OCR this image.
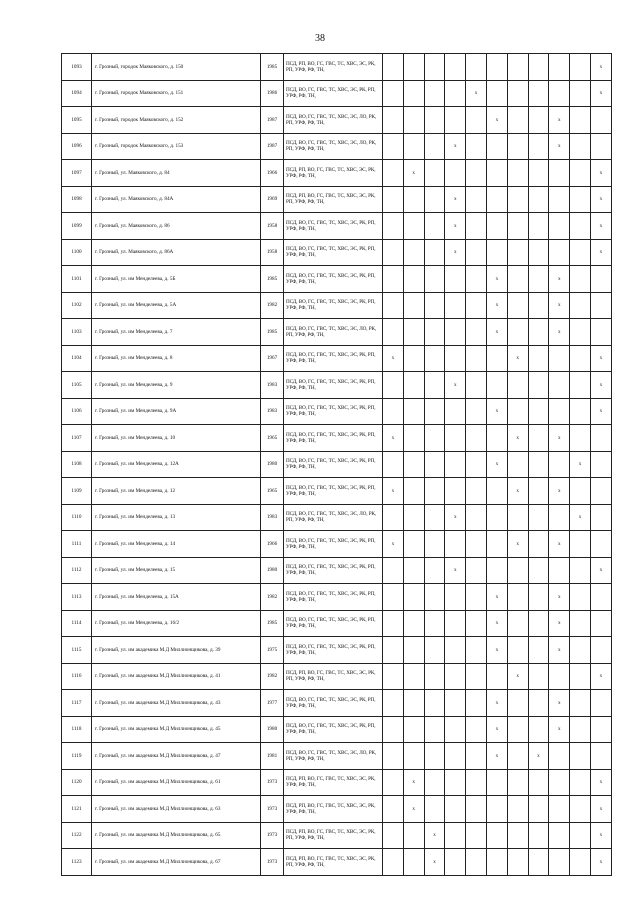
38
1093	г. Грозный, городок Маяковского, д. 150	1985	ПСД, РП, ВО, ГС, ГВС, ТС, ХВС, ЭС, РК, РП, УРФ, РФ, ТН,											x
1094	г. Грозный, городок Маяковского, д. 151	1986	ПСД, ВО, ГС, ГВС, ТС, ХВС, ЭС, РК, РП, УРФ, РФ, ТН,					x						x
1095	г. Грозный, городок Маяковского, д. 152	1987	ПСД, ВО, ГС, ГВС, ТС, ХВС, ЭС, ЛО, РК, РП, УРФ, РФ, ТН,						x			x		
1096	г. Грозный, городок Маяковского, д. 153	1987	ПСД, ВО, ГС, ГВС, ТС, ХВС, ЭС, ЛО, РК, РП, УРФ, РФ, ТН,				x					x		
1097	г. Грозный, ул. Маяковского, д. 84	1966	ПСД, РП, ВО, ГС, ГВС, ТС, ХВС, ЭС, РК, УРФ, РФ, ТН,		x									x
1098	г. Грозный, ул. Маяковского, д. 84А	1969	ПСД, РП, ВО, ГС, ГВС, ТС, ХВС, ЭС, РК, РП, УРФ, РФ, ТН,				x							x
1099	г. Грозный, ул. Маяковского, д. 86	1958	ПСД, ВО, ГС, ГВС, ТС, ХВС, ЭС, РК, РП, УРФ, РФ, ТН,				x							x
1100	г. Грозный, ул. Маяковского, д. 86А	1958	ПСД, ВО, ГС, ГВС, ТС, ХВС, ЭС, РК, РП, УРФ, РФ, ТН,				x							x
1101	г. Грозный, ул. им Менделеева, д. 5Б	1985	ПСД, ВО, ГС, ГВС, ТС, ХВС, ЭС, РК, РП, УРФ, РФ, ТН,						x			x		
1102	г. Грозный, ул. им Менделеева, д. 5А	1982	ПСД, ВО, ГС, ГВС, ТС, ХВС, ЭС, РК, РП, УРФ, РФ, ТН,						x			x		
1103	г. Грозный, ул. им Менделеева, д. 7	1985	ПСД, ВО, ГС, ГВС, ТС, ХВС, ЭС, ЛО, РК, РП, УРФ, РФ, ТН,						x			x		
1104	г. Грозный, ул. им Менделеева, д. 8	1967	ПСД, ВО, ГС, ГВС, ТС, ХВС, ЭС, РК, РП, УРФ, РФ, ТН,	x						x				x
1105	г. Грозный, ул. им Менделеева, д. 9	1983	ПСД, ВО, ГС, ГВС, ТС, ХВС, ЭС, РК, РП, УРФ, РФ, ТН,				x							x
1106	г. Грозный, ул. им Менделеева, д. 9А	1983	ПСД, ВО, ГС, ГВС, ТС, ХВС, ЭС, РК, РП, УРФ, РФ, ТН,						x					x
1107	г. Грозный, ул. им Менделеева, д. 10	1965	ПСД, ВО, ГС, ГВС, ТС, ХВС, ЭС, РК, РП, УРФ, РФ, ТН,	x						x		x		
1108	г. Грозный, ул. им Менделеева, д. 12А	1980	ПСД, ВО, ГС, ГВС, ТС, ХВС, ЭС, РК, РП, УРФ, РФ, ТН,						x				x	
1109	г. Грозный, ул. им Менделеева, д. 12	1965	ПСД, ВО, ГС, ГВС, ТС, ХВС, ЭС, РК, РП, УРФ, РФ, ТН,	x						x		x		
1110	г. Грозный, ул. им Менделеева, д. 13	1983	ПСД, ВО, ГС, ГВС, ТС, ХВС, ЭС, ЛО, РК, РП, УРФ, РФ, ТН,				x						x	
1111	г. Грозный, ул. им Менделеева, д. 14	1966	ПСД, ВО, ГС, ГВС, ТС, ХВС, ЭС, РК, РП, УРФ, РФ, ТН,	x						x		x		
1112	г. Грозный, ул. им Менделеева, д. 15	1980	ПСД, ВО, ГС, ГВС, ТС, ХВС, ЭС, РК, РП, УРФ, РФ, ТН,				x							x
1113	г. Грозный, ул. им Менделеева, д. 15А	1982	ПСД, ВО, ГС, ГВС, ТС, ХВС, ЭС, РК, РП, УРФ, РФ, ТН,						x			x		
1114	г. Грозный, ул. им Менделеева, д. 16/2	1985	ПСД, ВО, ГС, ГВС, ТС, ХВС, ЭС, РК, РП, УРФ, РФ, ТН,						x			x		
1115	г. Грозный, ул. им академика М.Д Миллионщикова, д. 39	1975	ПСД, ВО, ГС, ГВС, ТС, ХВС, ЭС, РК, РП, УРФ, РФ, ТН,						x			x		
1116	г. Грозный, ул. им академика М.Д Миллионщикова, д. 41	1982	ПСД, РП, ВО, ГС, ГВС, ТС, ХВС, ЭС, РК, РП, УРФ, РФ, ТН,							x				x
1117	г. Грозный, ул. им академика М.Д Миллионщикова, д. 43	1977	ПСД, ВО, ГС, ГВС, ТС, ХВС, ЭС, РК, РП, УРФ, РФ, ТН,						x			x		
1118	г. Грозный, ул. им академика М.Д Миллионщикова, д. 45	1980	ПСД, ВО, ГС, ГВС, ТС, ХВС, ЭС, РК, РП, УРФ, РФ, ТН,						x			x		
1119	г. Грозный, ул. им академика М.Д Миллионщикова, д. 47	1981	ПСД, ВО, ГС, ГВС, ТС, ХВС, ЭС, ЛО, РК, РП, УРФ, РФ, ТН,						x		x			
1120	г. Грозный, ул. им академика М.Д Миллионщикова, д. 61	1973	ПСД, РП, ВО, ГС, ГВС, ТС, ХВС, ЭС, РК, УРФ, РФ, ТН,		x									x
1121	г. Грозный, ул. им академика М.Д Миллионщикова, д. 63	1973	ПСД, РП, ВО, ГС, ГВС, ТС, ХВС, ЭС, РК, УРФ, РФ, ТН,		x									x
1122	г. Грозный, ул. им академика М.Д Миллионщикова, д. 65	1973	ПСД, РП, ВО, ГС, ГВС, ТС, ХВС, ЭС, РК, РП, УРФ, РФ, ТН,			x								x
1123	г. Грозный, ул. им академика М.Д Миллионщикова, д. 67	1973	ПСД, РП, ВО, ГС, ГВС, ТС, ХВС, ЭС, РК, РП, УРФ, РФ, ТН,			x								x
